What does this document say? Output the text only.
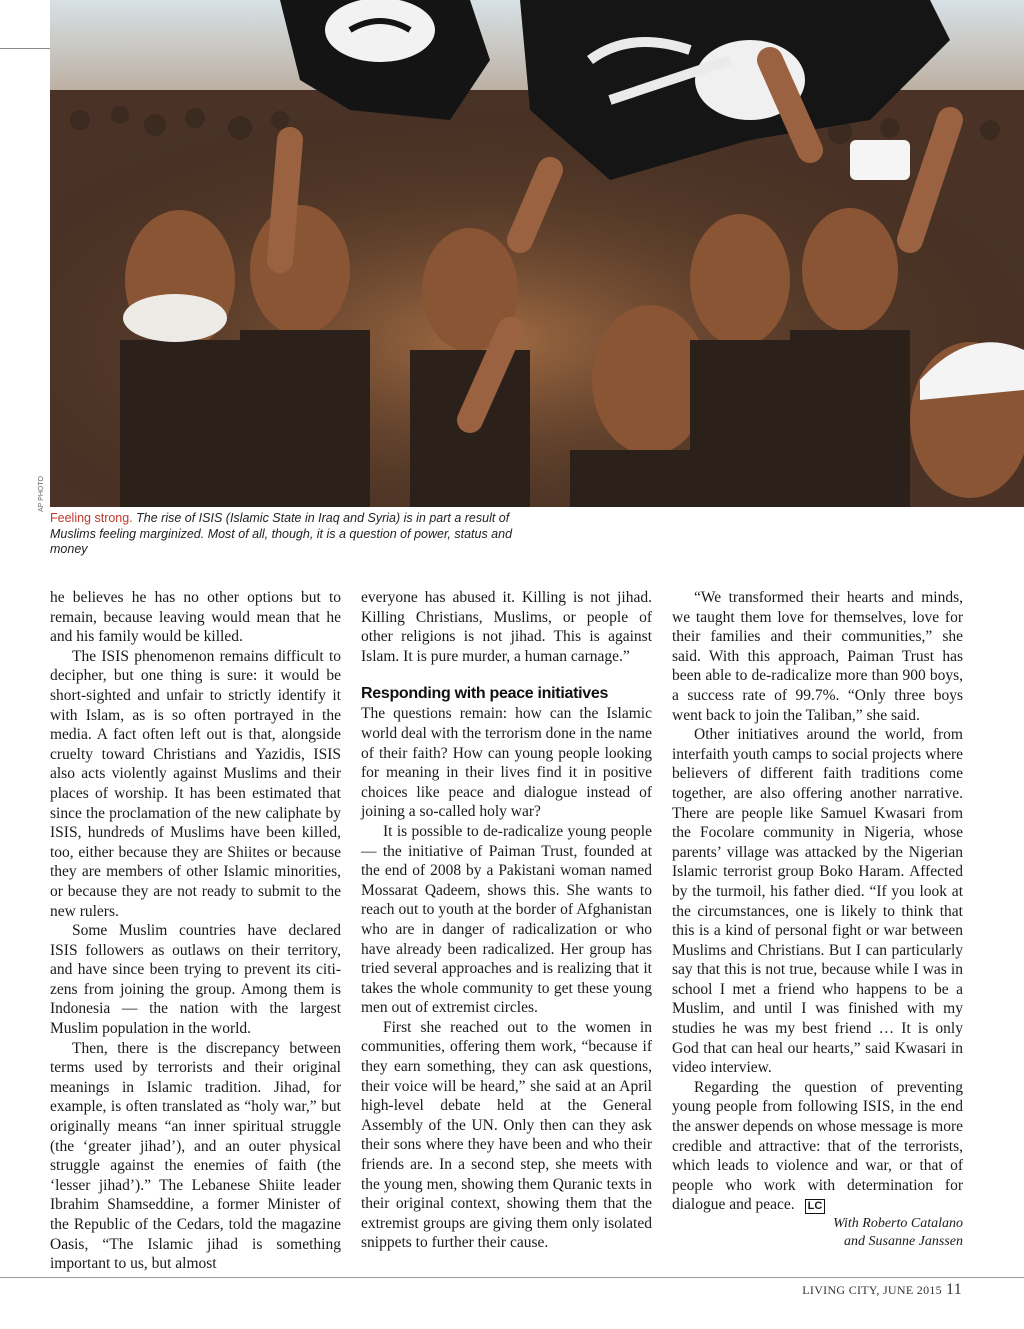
AP PHOTO
Feeling strong. The rise of ISIS (Islamic State in Iraq and Syria) is in part a result of Muslims feeling marginized. Most of all, though, it is a question of power, status and money

he believes he has no other options but to remain, because leaving would mean that he and his family would be killed.

The ISIS phenomenon remains difficult to decipher, but one thing is sure: it would be short-sighted and unfair to strictly identify it with Islam, as is so often portrayed in the media. A fact often left out is that, alongside cruelty toward Christians and Yazidis, ISIS also acts violently against Muslims and their places of worship. It has been estimated that since the proclamation of the new caliphate by ISIS, hundreds of Muslims have been killed, too, either because they are Shiites or because they are members of other Islamic minorities, or because they are not ready to submit to the new rulers.

Some Muslim countries have declared ISIS followers as outlaws on their territory, and have since been trying to prevent its citizens from joining the group. Among them is Indonesia — the nation with the largest Muslim population in the world.

Then, there is the discrepancy between terms used by terrorists and their original meanings in Islamic tradition. Jihad, for example, is often translated as “holy war,” but originally means “an inner spiritual struggle (the ‘greater jihad’), and an outer physical struggle against the enemies of faith (the ‘lesser jihad’).” The Lebanese Shiite leader Ibrahim Shamseddine, a former Minister of the Republic of the Cedars, told the magazine Oasis, “The Islamic jihad is something important to us, but almost

everyone has abused it. Killing is not jihad. Killing Christians, Muslims, or people of other religions is not jihad. This is against Islam. It is pure murder, a human carnage.”

Responding with peace initiatives

The questions remain: how can the Islamic world deal with the terrorism done in the name of their faith? How can young people looking for meaning in their lives find it in positive choices like peace and dialogue instead of joining a so-called holy war?

It is possible to de-radicalize young people — the initiative of Paiman Trust, founded at the end of 2008 by a Pakistani woman named Mossarat Qadeem, shows this. She wants to reach out to youth at the border of Afghanistan who are in danger of radicalization or who have already been radicalized. Her group has tried several approaches and is realizing that it takes the whole community to get these young men out of extremist circles.

First she reached out to the women in communities, offering them work, “because if they earn something, they can ask questions, their voice will be heard,” she said at an April high-level debate held at the General Assembly of the UN. Only then can they ask their sons where they have been and who their friends are. In a second step, she meets with the young men, showing them Quranic texts in their original context, showing them that the extremist groups are giving them only isolated snippets to further their cause.

“We transformed their hearts and minds, we taught them love for themselves, love for their families and their communities,” she said. With this approach, Paiman Trust has been able to de-radicalize more than 900 boys, a success rate of 99.7%. “Only three boys went back to join the Taliban,” she said.

Other initiatives around the world, from interfaith youth camps to social projects where believers of different faith traditions come together, are also offering another narrative. There are people like Samuel Kwasari from the Focolare community in Nigeria, whose parents’ village was attacked by the Nigerian Islamic terrorist group Boko Haram. Affected by the turmoil, his father died. “If you look at the circumstances, one is likely to think that this is a kind of personal fight or war between Muslims and Christians. But I can particularly say that this is not true, because while I was in school I met a friend who happens to be a Muslim, and until I was finished with my studies he was my best friend … It is only God that can heal our hearts,” said Kwasari in video interview.

Regarding the question of preventing young people from following ISIS, in the end the answer depends on whose message is more credible and attractive: that of the terrorists, which leads to violence and war, or that of people who work with determination for dialogue and peace. LC

With Roberto Catalano
and Susanne Janssen

LIVING CITY, JUNE 2015 11
